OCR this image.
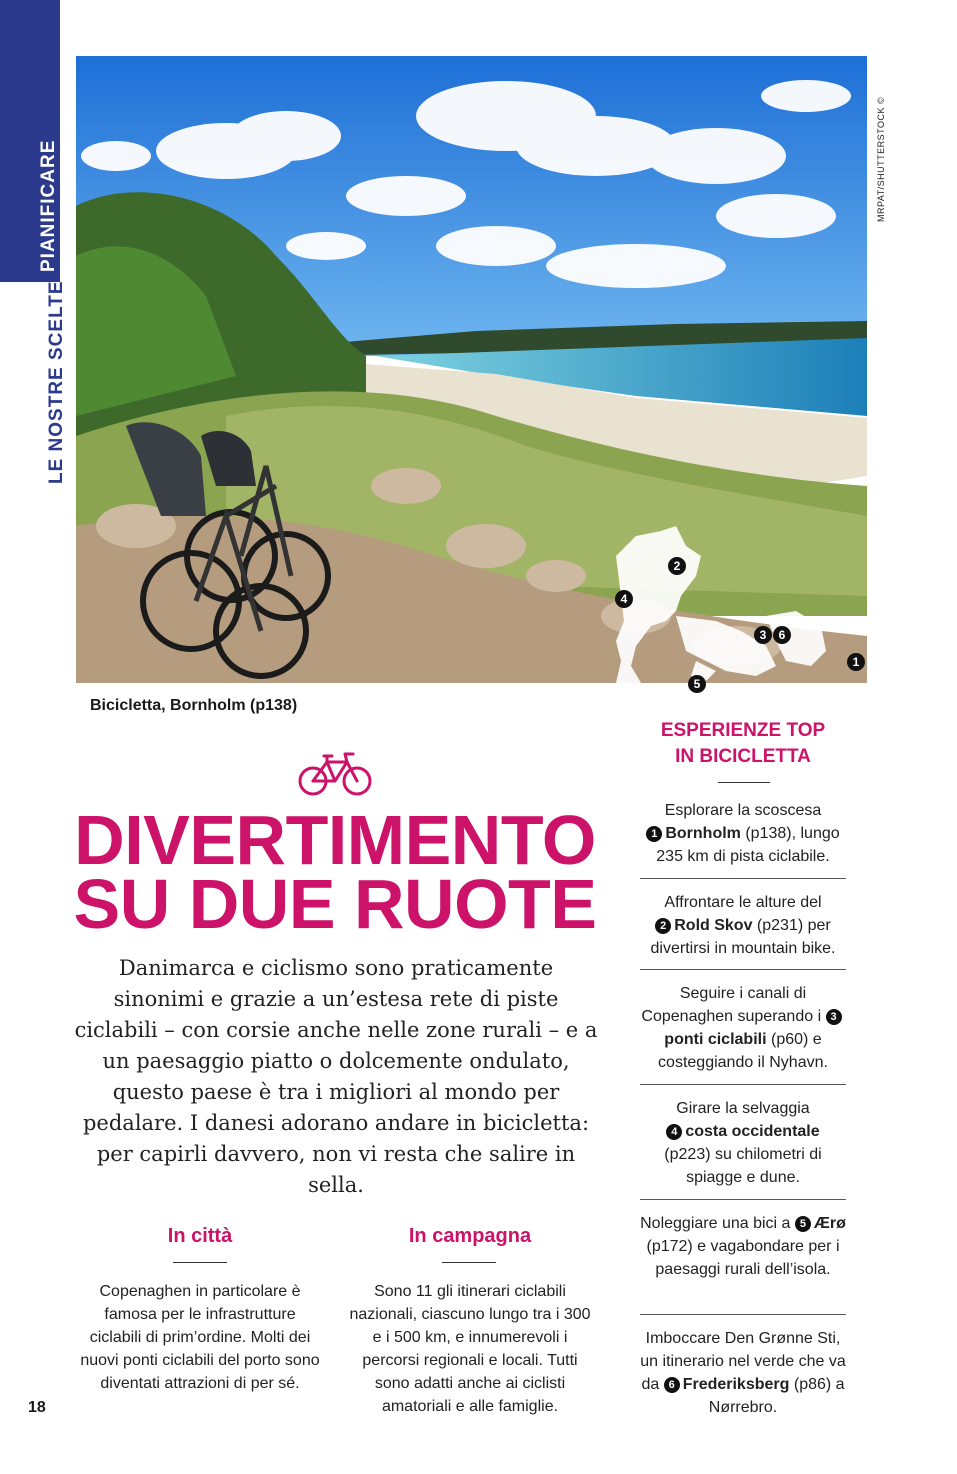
PIANIFICARE
LE NOSTRE SCELTE
MRPAT/SHUTTERSTOCK ©
2
4
3 6
1
5
Bicicletta, Bornholm (p138)
DIVERTIMENTO
SU DUE RUOTE
Danimarca e ciclismo sono praticamente sinonimi e grazie a un’estesa rete di piste ciclabili – con corsie anche nelle zone rurali – e a un paesaggio piatto o dolcemente ondulato, questo paese è tra i migliori al mondo per pedalare. I danesi adorano andare in bicicletta: per capirli davvero, non vi resta che salire in sella.
In città
Copenaghen in particolare è famosa per le infrastrutture ciclabili di prim’ordine. Molti dei nuovi ponti ciclabili del porto sono diventati attrazioni di per sé.
In campagna
Sono 11 gli itinerari ciclabili nazionali, ciascuno lungo tra i 300 e i 500 km, e innumerevoli i percorsi regionali e locali. Tutti sono adatti anche ai ciclisti amatoriali e alle famiglie.
18
ESPERIENZE TOP
IN BICICLETTA
Esplorare la scoscesa
1 Bornholm (p138), lungo 235 km di pista ciclabile.
Affrontare le alture del
2 Rold Skov (p231) per divertirsi in mountain bike.
Seguire i canali di Copenaghen superando i 3ponti ciclabili (p60) e costeggiando il Nyhavn.
Girare la selvaggia
4 costa occidentale
(p223) su chilometri di spiagge e dune.
Noleggiare una bici a 5 Ærø (p172) e vagabondare per i paesaggi rurali dell’isola.
Imboccare Den Grønne Sti, un itinerario nel verde che va da 6 Frederiksberg (p86) a Nørrebro.
